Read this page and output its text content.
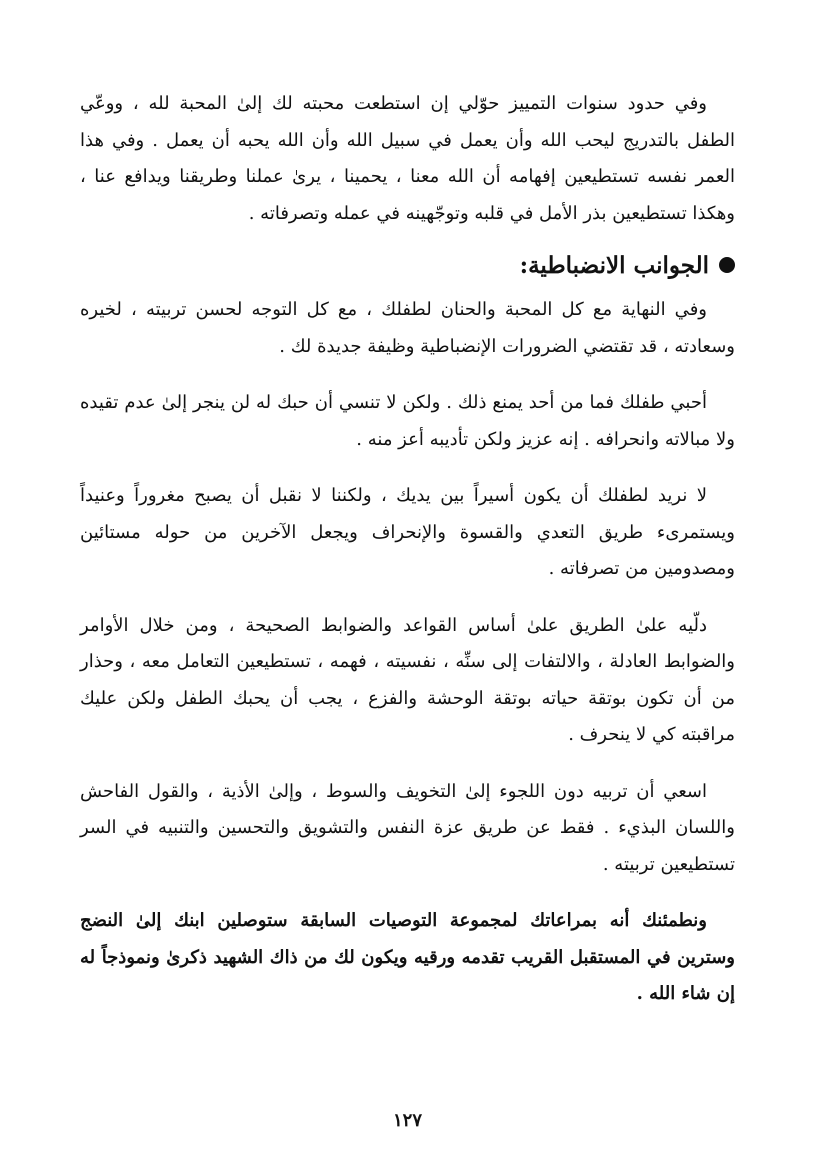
وفي حدود سنوات التمييز حوّلي إن استطعت محبته لك إلىٰ المحبة لله ، ووعّي الطفل بالتدريج ليحب الله وأن يعمل في سبيل الله وأن الله يحبه أن يعمل . وفي هذا العمر نفسه تستطيعين إفهامه أن الله معنا ، يحمينا ، يرىٰ عملنا وطريقنا ويدافع عنا ، وهكذا تستطيعين بذر الأمل في قلبه وتوجّهينه في عمله وتصرفاته .

الجوانب الانضباطية:

وفي النهاية مع كل المحبة والحنان لطفلك ، مع كل التوجه لحسن تربيته ، لخيره وسعادته ، قد تقتضي الضرورات الإنضباطية وظيفة جديدة لك .

أحبي طفلك فما من أحد يمنع ذلك . ولكن لا تنسي أن حبك له لن ينجر إلىٰ عدم تقيده ولا مبالاته وانحرافه . إنه عزيز ولكن تأديبه أعز منه .

لا نريد لطفلك أن يكون أسيراً بين يديك ، ولكننا لا نقبل أن يصبح مغروراً وعنيداً ويستمرىء طريق التعدي والقسوة والإنحراف ويجعل الآخرين من حوله مستائين ومصدومين من تصرفاته .

دلّيه علىٰ الطريق علىٰ أساس القواعد والضوابط الصحيحة ، ومن خلال الأوامر والضوابط العادلة ، والالتفات إلى سنِّه ، نفسيته ، فهمه ، تستطيعين التعامل معه ، وحذار من أن تكون بوتقة حياته بوتقة الوحشة والفزع ، يجب أن يحبك الطفل ولكن عليك مراقبته كي لا ينحرف .

اسعي أن تربيه دون اللجوء إلىٰ التخويف والسوط ، وإلىٰ الأذية ، والقول الفاحش واللسان البذيء . فقط عن طريق عزة النفس والتشويق والتحسين والتنبيه في السر تستطيعين تربيته .

ونطمئنك أنه بمراعاتك لمجموعة التوصيات السابقة ستوصلين ابنك إلىٰ النضج وسترين في المستقبل القريب تقدمه ورقيه ويكون لك من ذاك الشهيد ذكرىٰ ونموذجاً له إن شاء الله .

١٢٧
